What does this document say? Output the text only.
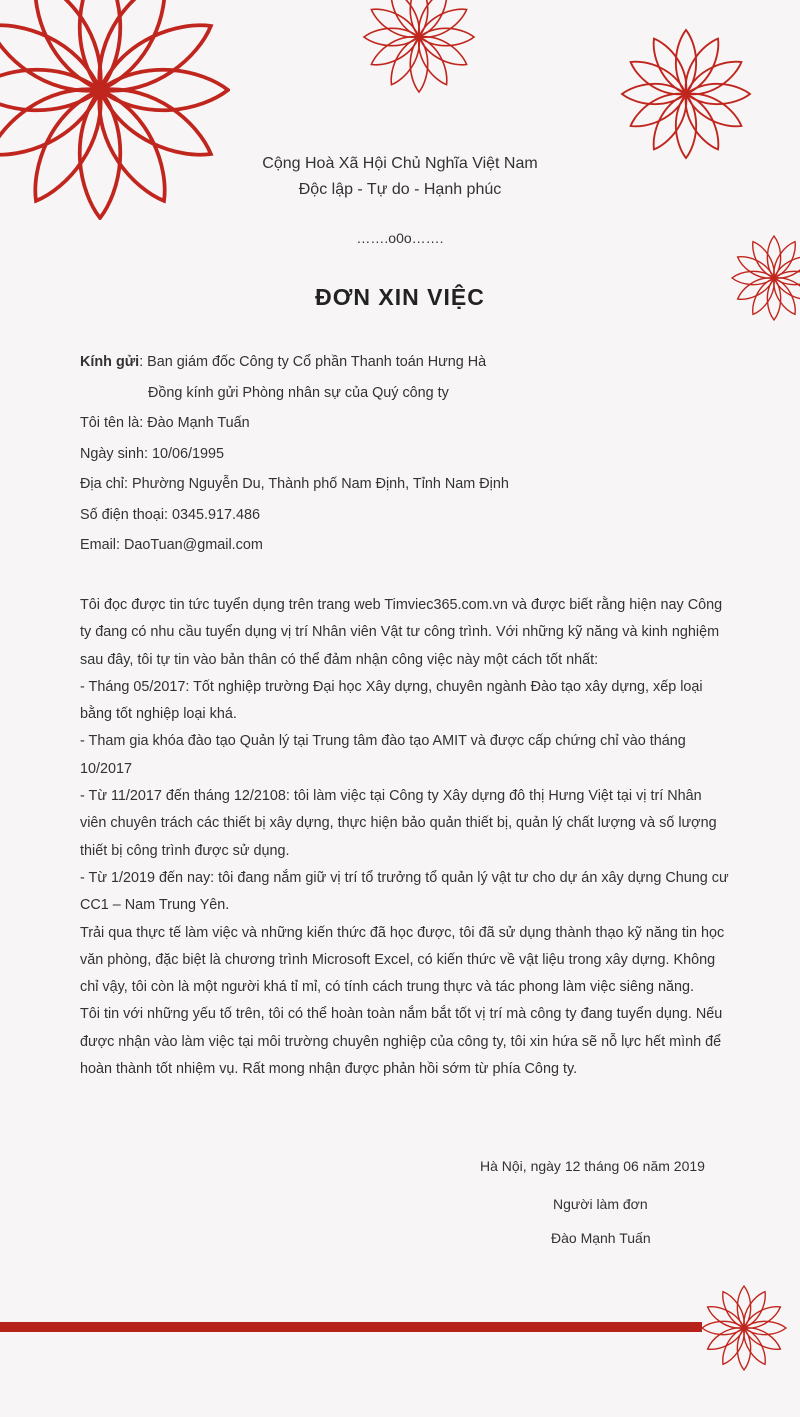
Cộng Hoà Xã Hội Chủ Nghĩa Việt Nam
Độc lập - Tự do - Hạnh phúc
…….o0o…….
ĐƠN XIN VIỆC
Kính gửi: Ban giám đốc Công ty Cổ phần Thanh toán Hưng Hà
Đồng kính gửi Phòng nhân sự của Quý công ty
Tôi tên là: Đào Mạnh Tuấn
Ngày sinh: 10/06/1995
Địa chỉ: Phường Nguyễn Du, Thành phố Nam Định, Tỉnh Nam Định
Số điện thoại: 0345.917.486
Email: DaoTuan@gmail.com
Tôi đọc được tin tức tuyển dụng trên trang web Timviec365.com.vn và được biết rằng hiện nay Công ty đang có nhu cầu tuyển dụng vị trí Nhân viên Vật tư công trình. Với những kỹ năng và kinh nghiệm sau đây, tôi tự tin vào bản thân có thể đảm nhận công việc này một cách tốt nhất:
- Tháng 05/2017: Tốt nghiệp trường Đại học Xây dựng, chuyên ngành Đào tạo xây dựng, xếp loại bằng tốt nghiệp loại khá.
- Tham gia khóa đào tạo Quản lý tại Trung tâm đào tạo AMIT và được cấp chứng chỉ vào tháng 10/2017
- Từ 11/2017 đến tháng 12/2108: tôi làm việc tại Công ty Xây dựng đô thị Hưng Việt tại vị trí Nhân viên chuyên trách các thiết bị xây dựng, thực hiện bảo quản thiết bị, quản lý chất lượng và số lượng thiết bị công trình được sử dụng.
- Từ 1/2019 đến nay: tôi đang nắm giữ vị trí tổ trưởng tổ quản lý vật tư cho dự án xây dựng Chung cư CC1 – Nam Trung Yên.
Trải qua thực tế làm việc và những kiến thức đã học được, tôi đã sử dụng thành thạo kỹ năng tin học văn phòng, đặc biệt là chương trình Microsoft Excel, có kiến thức về vật liệu trong xây dựng. Không chỉ vậy, tôi còn là một người khá tỉ mỉ, có tính cách trung thực và tác phong làm việc siêng năng.
Tôi tin với những yếu tố trên, tôi có thể hoàn toàn nắm bắt tốt vị trí mà công ty đang tuyển dụng. Nếu được nhận vào làm việc tại môi trường chuyên nghiệp của công ty, tôi xin hứa sẽ nỗ lực hết mình để hoàn thành tốt nhiệm vụ. Rất mong nhận được phản hồi sớm từ phía Công ty.
Hà Nội, ngày 12 tháng 06 năm 2019
Người làm đơn
Đào Mạnh Tuấn
